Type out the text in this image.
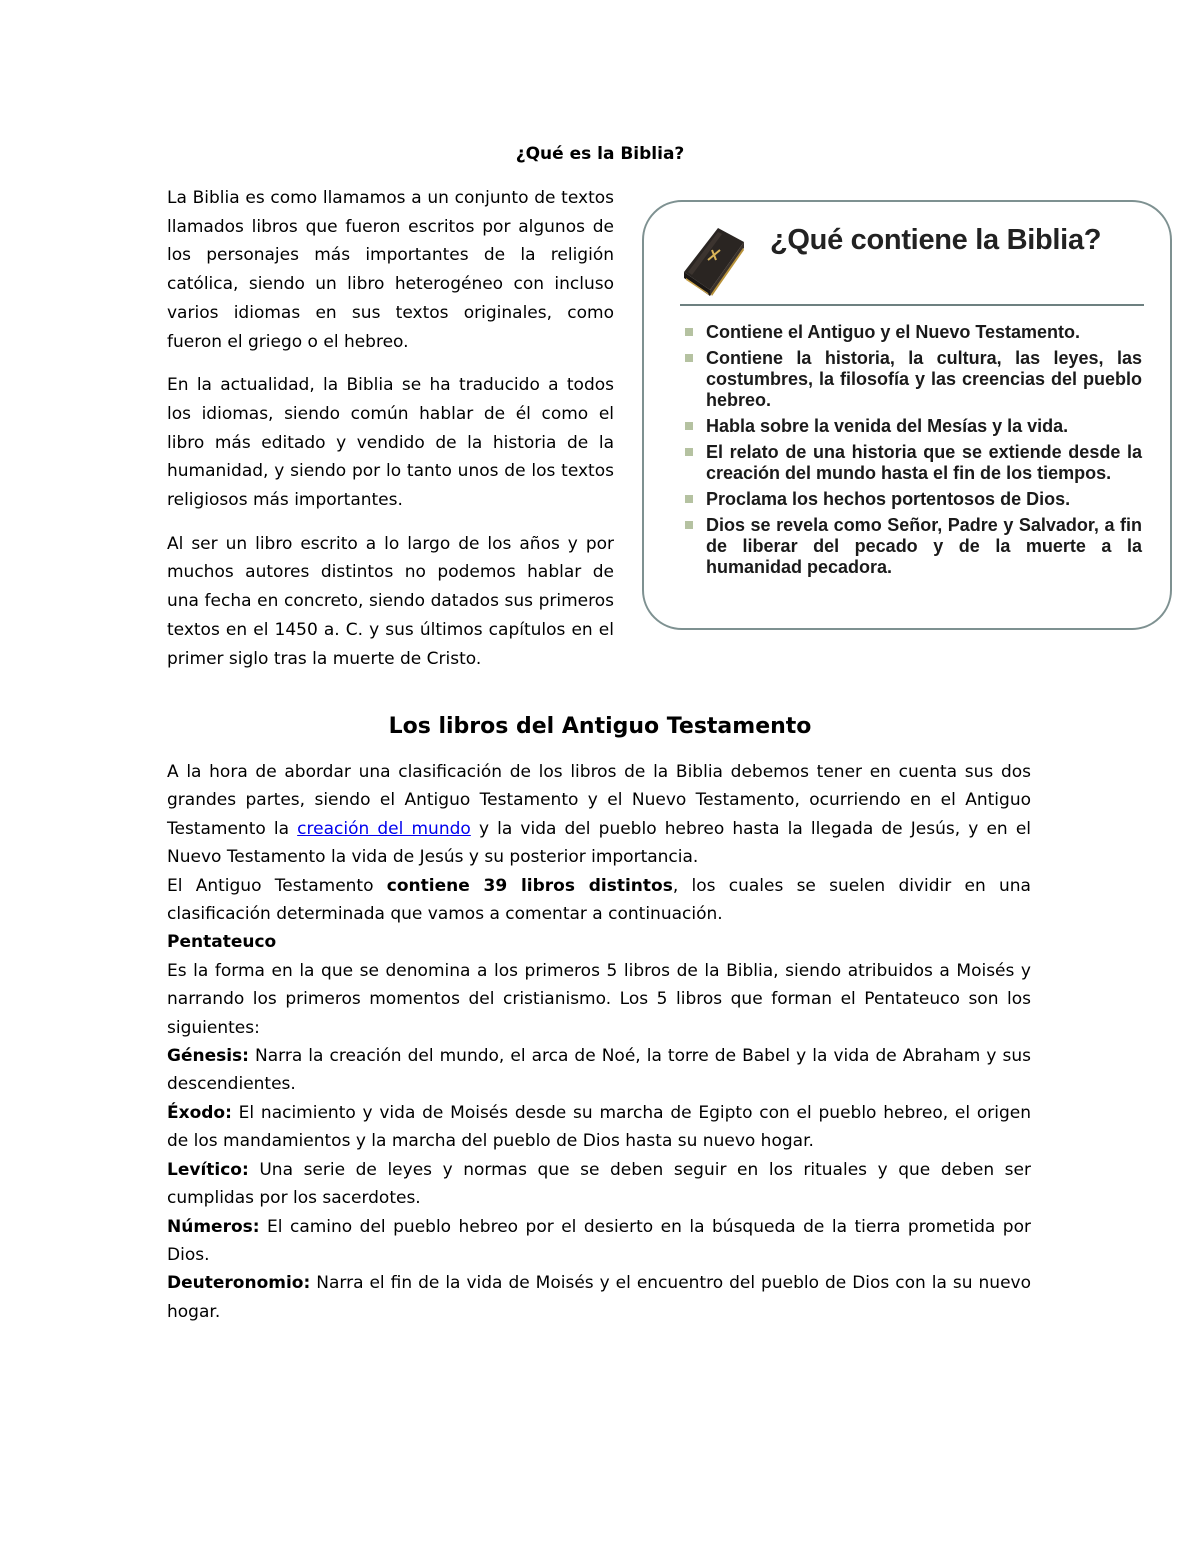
¿Qué es la Biblia?

La Biblia es como llamamos a un conjunto de textos llamados libros que fueron escritos por algunos de los personajes más importantes de la religión católica, siendo un libro heterogéneo con incluso varios idiomas en sus textos originales, como fueron el griego o el hebreo.

En la actualidad, la Biblia se ha traducido a todos los idiomas, siendo común hablar de él como el libro más editado y vendido de la historia de la humanidad, y siendo por lo tanto unos de los textos religiosos más importantes.

Al ser un libro escrito a lo largo de los años y por muchos autores distintos no podemos hablar de una fecha en concreto, siendo datados sus primeros textos en el 1450 a. C. y sus últimos capítulos en el primer siglo tras la muerte de Cristo.

¿Qué contiene la Biblia?
Contiene el Antiguo y el Nuevo Testamento.
Contiene la historia, la cultura, las leyes, las costumbres, la filosofía y las creencias del pueblo hebreo.
Habla sobre la venida del Mesías y la vida.
El relato de una historia que se extiende desde la creación del mundo hasta el fin de los tiempos.
Proclama los hechos portentosos de Dios.
Dios se revela como Señor, Padre y Salvador, a fin de liberar del pecado y de la muerte a la humanidad pecadora.
Los libros del Antiguo Testamento

A la hora de abordar una clasificación de los libros de la Biblia debemos tener en cuenta sus dos grandes partes, siendo el Antiguo Testamento y el Nuevo Testamento, ocurriendo en el Antiguo Testamento la creación del mundo y la vida del pueblo hebreo hasta la llegada de Jesús, y en el Nuevo Testamento la vida de Jesús y su posterior importancia.

El Antiguo Testamento contiene 39 libros distintos, los cuales se suelen dividir en una clasificación determinada que vamos a comentar a continuación.

Pentateuco

Es la forma en la que se denomina a los primeros 5 libros de la Biblia, siendo atribuidos a Moisés y narrando los primeros momentos del cristianismo. Los 5 libros que forman el Pentateuco son los siguientes:

Génesis: Narra la creación del mundo, el arca de Noé, la torre de Babel y la vida de Abraham y sus descendientes.

Éxodo: El nacimiento y vida de Moisés desde su marcha de Egipto con el pueblo hebreo, el origen de los mandamientos y la marcha del pueblo de Dios hasta su nuevo hogar.

Levítico: Una serie de leyes y normas que se deben seguir en los rituales y que deben ser cumplidas por los sacerdotes.

Números: El camino del pueblo hebreo por el desierto en la búsqueda de la tierra prometida por Dios.

Deuteronomio: Narra el fin de la vida de Moisés y el encuentro del pueblo de Dios con la su nuevo hogar.
